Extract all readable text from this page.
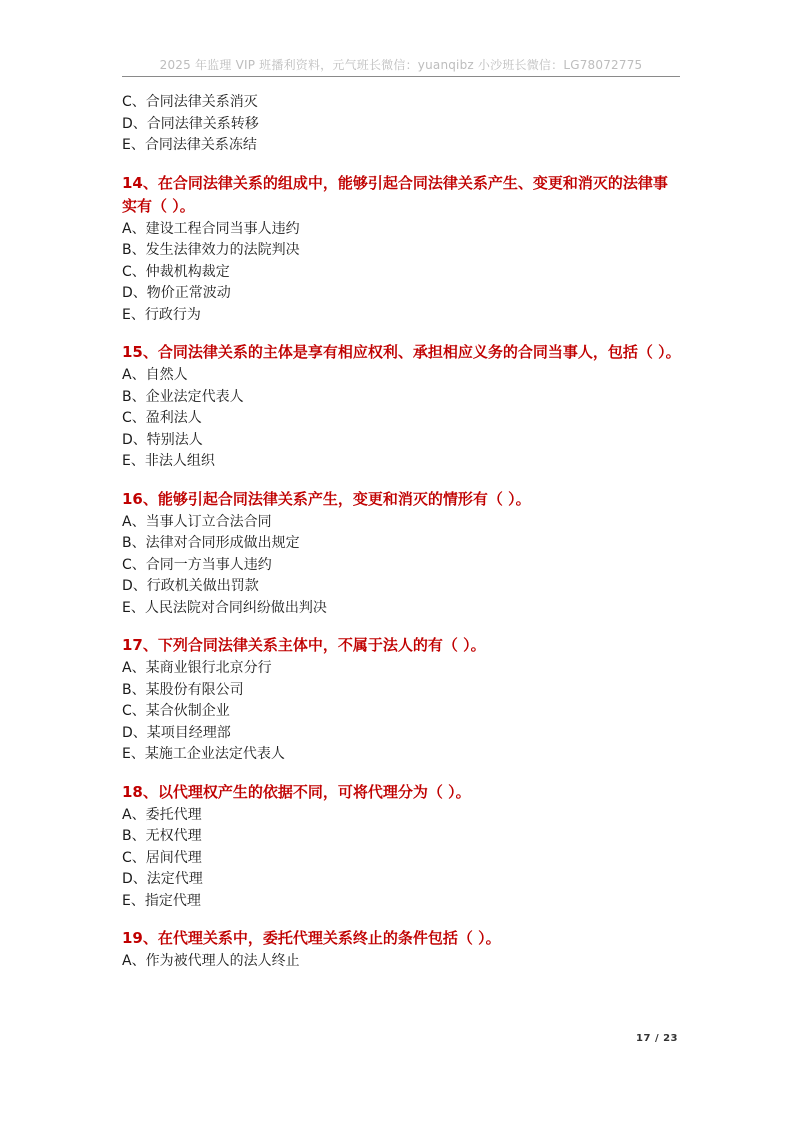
2025 年监理 VIP 班播利资料，元气班长微信：yuanqibz 小沙班长微信：LG78072775
C、合同法律关系消灭
D、合同法律关系转移
E、合同法律关系冻结
14、在合同法律关系的组成中，能够引起合同法律关系产生、变更和消灭的法律事实有（ ）。
A、建设工程合同当事人违约
B、发生法律效力的法院判决
C、仲裁机构裁定
D、物价正常波动
E、行政行为
15、合同法律关系的主体是享有相应权利、承担相应义务的合同当事人，包括（ ）。
A、自然人
B、企业法定代表人
C、盈利法人
D、特别法人
E、非法人组织
16、能够引起合同法律关系产生，变更和消灭的情形有（ ）。
A、当事人订立合法合同
B、法律对合同形成做出规定
C、合同一方当事人违约
D、行政机关做出罚款
E、人民法院对合同纠纷做出判决
17、下列合同法律关系主体中，不属于法人的有（ ）。
A、某商业银行北京分行
B、某股份有限公司
C、某合伙制企业
D、某项目经理部
E、某施工企业法定代表人
18、以代理权产生的依据不同，可将代理分为（ ）。
A、委托代理
B、无权代理
C、居间代理
D、法定代理
E、指定代理
19、在代理关系中，委托代理关系终止的条件包括（ ）。
A、作为被代理人的法人终止
17 / 23
